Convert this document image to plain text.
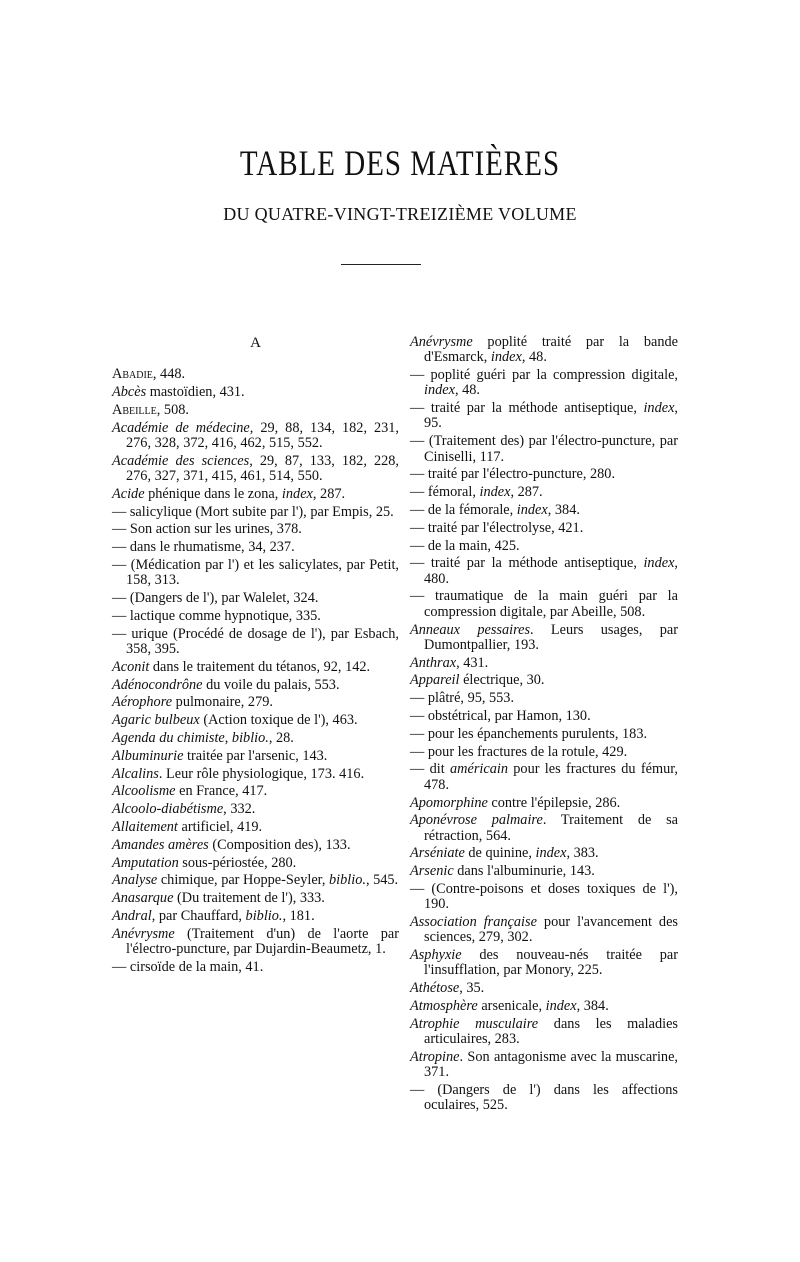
TABLE DES MATIÈRES
DU QUATRE-VINGT-TREIZIÈME VOLUME
A
Abadie, 448.
Abcès mastoïdien, 431.
Abeille, 508.
Académie de médecine, 29, 88, 134, 182, 231, 276, 328, 372, 416, 462, 515, 552.
Académie des sciences, 29, 87, 133, 182, 228, 276, 327, 371, 415, 461, 514, 550.
Acide phénique dans le zona, index, 287.
— salicylique (Mort subite par l'), par Empis, 25.
— Son action sur les urines, 378.
— dans le rhumatisme, 34, 237.
— (Médication par l') et les salicylates, par Petit, 158, 313.
— (Dangers de l'), par Walelet, 324.
— lactique comme hypnotique, 335.
— urique (Procédé de dosage de l'), par Esbach, 358, 395.
Aconit dans le traitement du tétanos, 92, 142.
Adénocondrône du voile du palais, 553.
Aérophore pulmonaire, 279.
Agaric bulbeux (Action toxique de l'), 463.
Agenda du chimiste, biblio., 28.
Albuminurie traitée par l'arsenic, 143.
Alcalins. Leur rôle physiologique, 173. 416.
Alcoolisme en France, 417.
Alcoolo-diabétisme, 332.
Allaitement artificiel, 419.
Amandes amères (Composition des), 133.
Amputation sous-périostée, 280.
Analyse chimique, par Hoppe-Seyler, biblio., 545.
Anasarque (Du traitement de l'), 333.
Andral, par Chauffard, biblio., 181.
Anévrysme (Traitement d'un) de l'aorte par l'électro-puncture, par Dujardin-Beaumetz, 1.
— cirsoïde de la main, 41.
Anévrysme poplité traité par la bande d'Esmarck, index, 48.
— poplité guéri par la compression digitale, index, 48.
— traité par la méthode antiseptique, index, 95.
— (Traitement des) par l'électro-puncture, par Ciniselli, 117.
— traité par l'électro-puncture, 280.
— fémoral, index, 287.
— de la fémorale, index, 384.
— traité par l'électrolyse, 421.
— de la main, 425.
— traité par la méthode antiseptique, index, 480.
— traumatique de la main guéri par la compression digitale, par Abeille, 508.
Anneaux pessaires. Leurs usages, par Dumontpallier, 193.
Anthrax, 431.
Appareil électrique, 30.
— plâtré, 95, 553.
— obstétrical, par Hamon, 130.
— pour les épanchements purulents, 183.
— pour les fractures de la rotule, 429.
— dit américain pour les fractures du fémur, 478.
Apomorphine contre l'épilepsie, 286.
Aponévrose palmaire. Traitement de sa rétraction, 564.
Arséniate de quinine, index, 383.
Arsenic dans l'albuminurie, 143.
— (Contre-poisons et doses toxiques de l'), 190.
Association française pour l'avancement des sciences, 279, 302.
Asphyxie des nouveau-nés traitée par l'insufflation, par Monory, 225.
Athétose, 35.
Atmosphère arsenicale, index, 384.
Atrophie musculaire dans les maladies articulaires, 283.
Atropine. Son antagonisme avec la muscarine, 371.
— (Dangers de l') dans les affections oculaires, 525.
